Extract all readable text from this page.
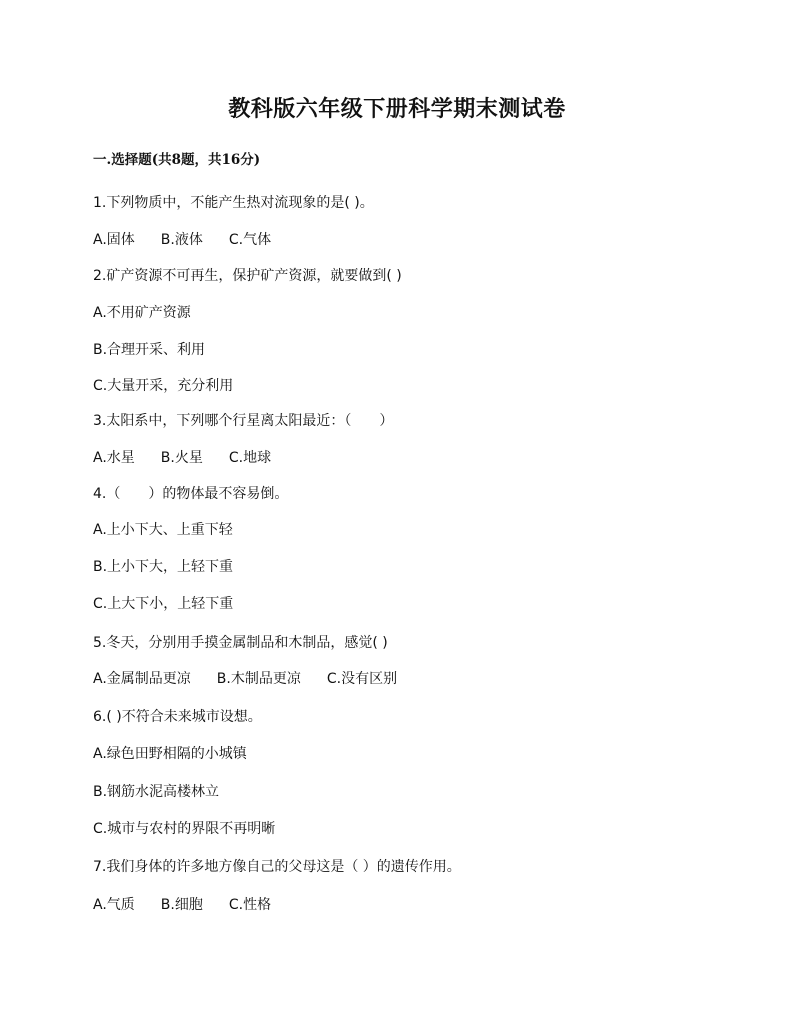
教科版六年级下册科学期末测试卷
一.选择题(共8题，共16分)
1.下列物质中，不能产生热对流现象的是( )。
A.固体 B.液体 C.气体
2.矿产资源不可再生，保护矿产资源，就要做到( )
A.不用矿产资源
B.合理开采、利用
C.大量开采，充分利用
3.太阳系中，下列哪个行星离太阳最近：（　　）
A.水星 B.火星 C.地球
4.（　　）的物体最不容易倒。
A.上小下大、上重下轻
B.上小下大，上轻下重
C.上大下小，上轻下重
5.冬天，分别用手摸金属制品和木制品，感觉( )
A.金属制品更凉 B.木制品更凉 C.没有区别
6.( )不符合未来城市设想。
A.绿色田野相隔的小城镇
B.钢筋水泥高楼林立
C.城市与农村的界限不再明晰
7.我们身体的许多地方像自己的父母这是（ ）的遗传作用。
A.气质 B.细胞 C.性格
